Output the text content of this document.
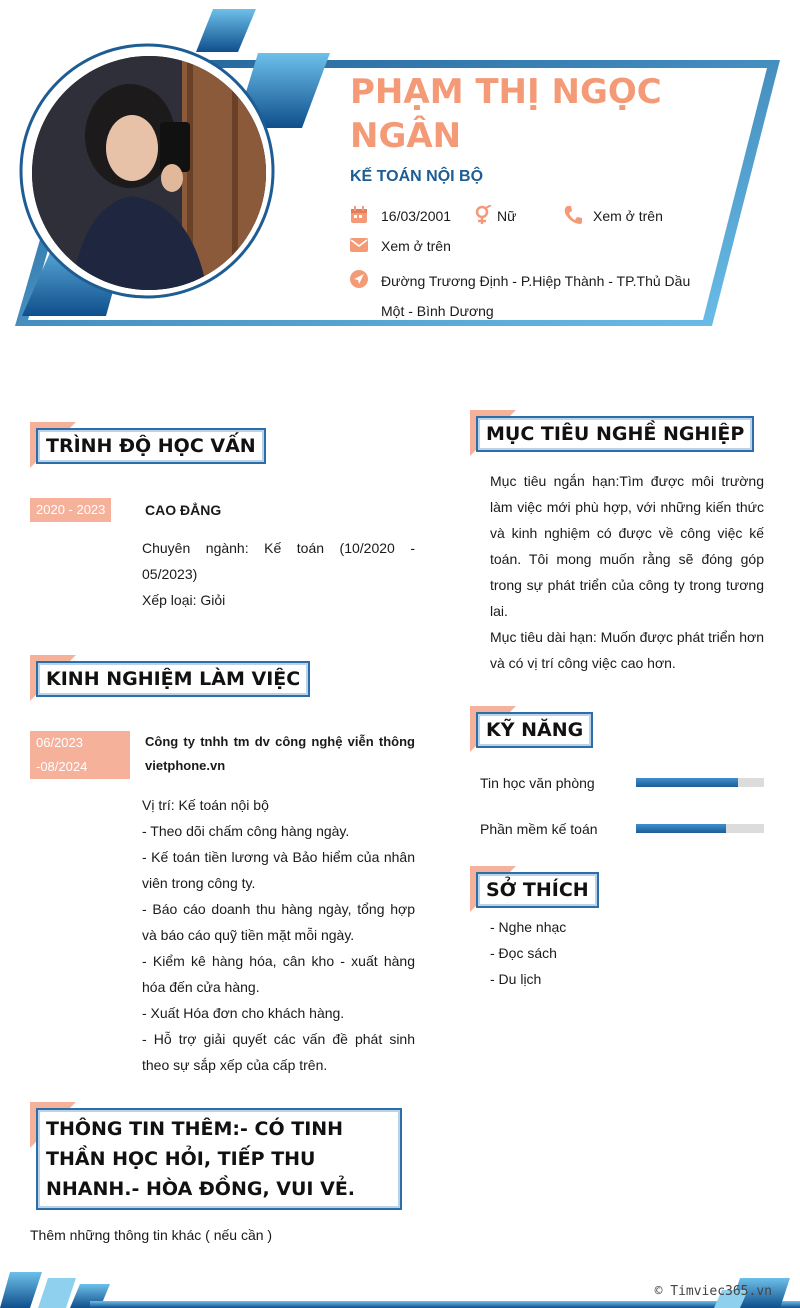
PHẠM THỊ NGỌC NGÂN
KẾ TOÁN NỘI BỘ
16/03/2001	Nữ	Xem ở trên
Xem ở trên
Đường Trương Định - P.Hiệp Thành - TP.Thủ Dầu Một - Bình Dương
TRÌNH ĐỘ HỌC VẤN
2020 - 2023	CAO ĐẲNG
Chuyên ngành: Kế toán (10/2020 - 05/2023)
Xếp loại: Giỏi
KINH NGHIỆM LÀM VIỆC
06/2023 -08/2024
Công ty tnhh tm dv công nghệ viễn thông vietphone.vn
Vị trí: Kế toán nội bộ
- Theo dõi chấm công hàng ngày.
- Kế toán tiền lương và Bảo hiểm của nhân viên trong công ty.
- Báo cáo doanh thu hàng ngày, tổng hợp và báo cáo quỹ tiền mặt mỗi ngày.
- Kiểm kê hàng hóa, cân kho - xuất hàng hóa đến cửa hàng.
- Xuất Hóa đơn cho khách hàng.
- Hỗ trợ giải quyết các vấn đề phát sinh theo sự sắp xếp của cấp trên.
THÔNG TIN THÊM:- CÓ TINH THẦN HỌC HỎI, TIẾP THU NHANH.- HÒA ĐỒNG, VUI VẺ.
Thêm những thông tin khác ( nếu cần )
MỤC TIÊU NGHỀ NGHIỆP
Mục tiêu ngắn hạn:Tìm được môi trường làm việc mới phù hợp, với những kiến thức và kinh nghiệm có được về công việc kế toán. Tôi mong muốn rằng sẽ đóng góp trong sự phát triển của công ty trong tương lai.
Mục tiêu dài hạn: Muốn được phát triển hơn và có vị trí công việc cao hơn.
KỸ NĂNG
Tin học văn phòng
Phần mềm kế toán
SỞ THÍCH
- Nghe nhạc
- Đọc sách
- Du lịch
© Timviec365.vn
